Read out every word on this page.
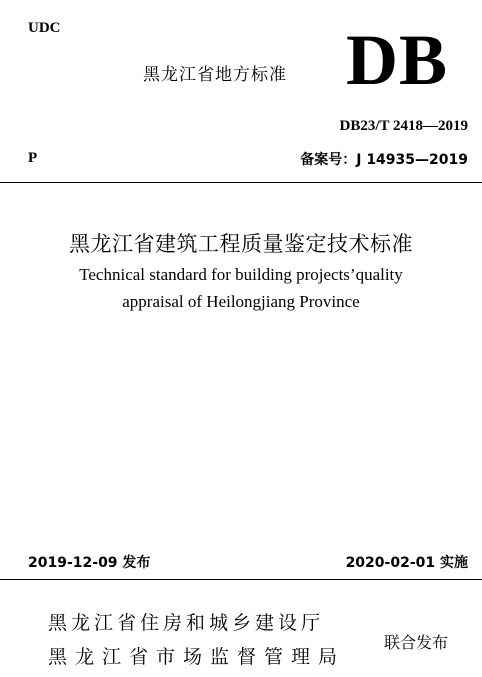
UDC
黑龙江省地方标准 DB
DB23/T 2418—2019
P	备案号：J 14935—2019
黑龙江省建筑工程质量鉴定技术标准
Technical standard for building projects’quality
appraisal of Heilongjiang Province
2019-12-09 发布	2020-02-01 实施
黑龙江省住房和城乡建设厅
黑龙江省市场监督管理局
联合发布
